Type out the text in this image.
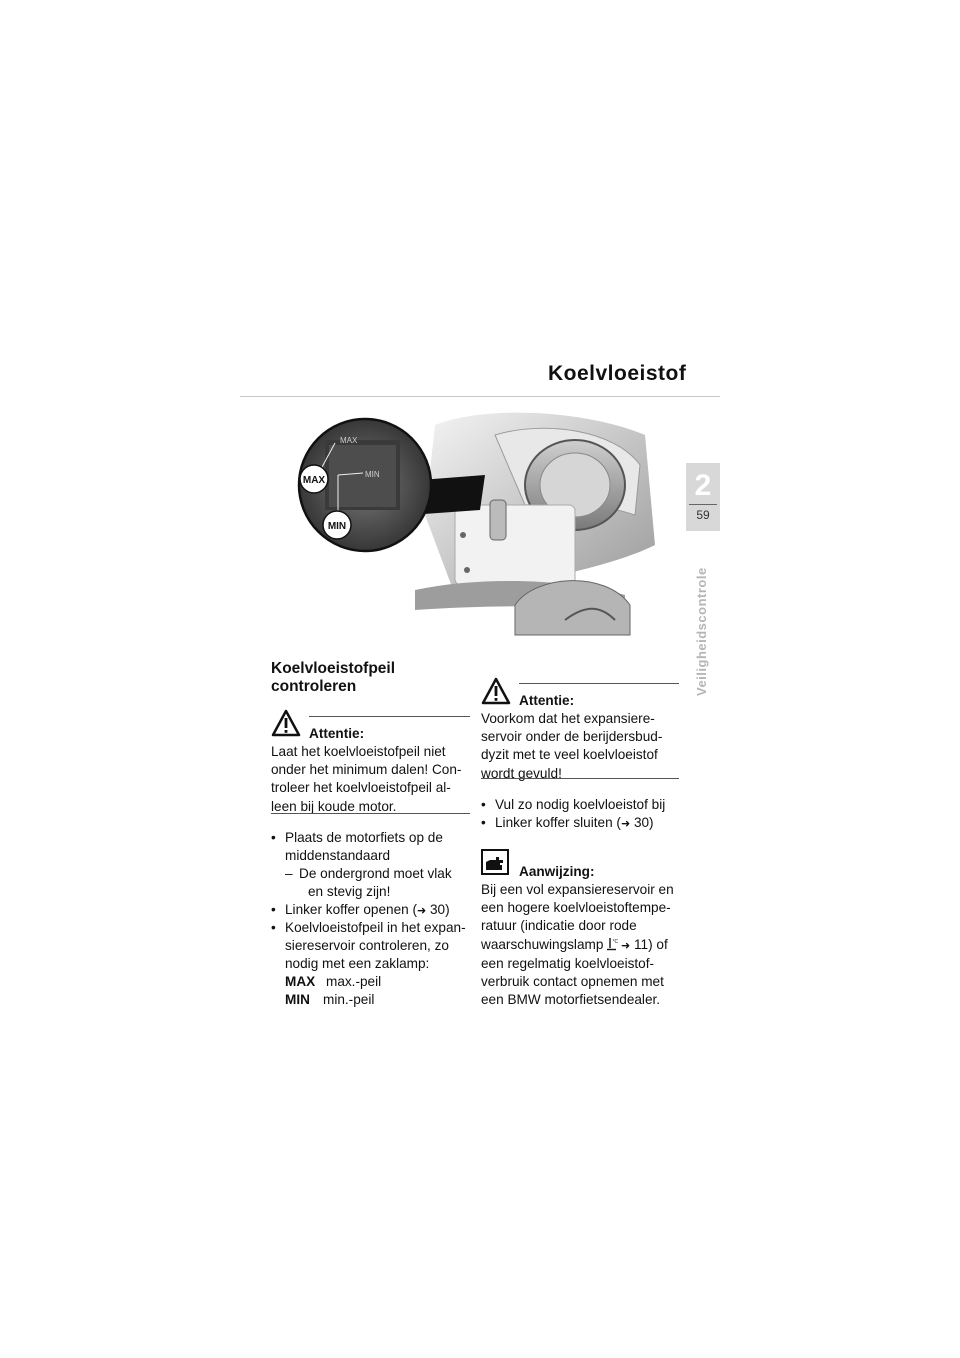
Koelvloeistof
2
59
Veiligheidscontrole
MAX
MIN
MAX
MIN
Koelvloeistofpeil
controleren
Attentie:
Laat het koelvloeistofpeil niet
onder het minimum dalen! Con-
troleer het koelvloeistofpeil al-
leen bij koude motor.
• Plaats de motorfiets op de
middenstandaard
– De ondergrond moet vlak
en stevig zijn!
• Linker koffer openen (➜ 30)
• Koelvloeistofpeil in het expan-
siereservoir controleren, zo
nodig met een zaklamp:
MAX max.-peil
MIN min.-peil
Attentie:
Voorkom dat het expansiere-
servoir onder de berijdersbud-
dyzit met te veel koelvloeistof
wordt gevuld!
• Vul zo nodig koelvloeistof bij
• Linker koffer sluiten (➜ 30)
Aanwijzing:
Bij een vol expansiereservoir en
een hogere koelvloeistoftempe-
ratuur (indicatie door rode
waarschuwingslamp °C ➜ 11) of
een regelmatig koelvloeistof-
verbruik contact opnemen met
een BMW motorfietsendealer.
